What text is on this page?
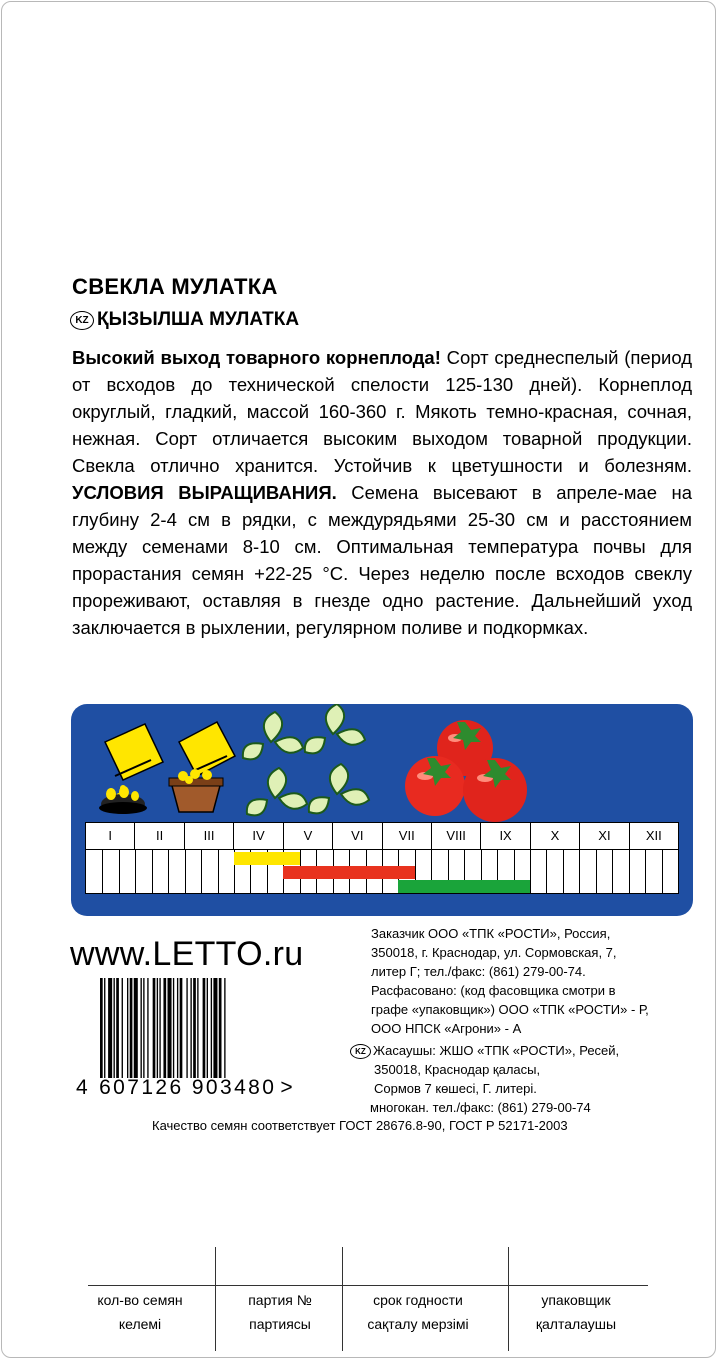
СВЕКЛА МУЛАТКА
KZ ҚЫЗЫЛША МУЛАТКА
Высокий выход товарного корнеплода! Сорт среднеспелый (период от всходов до технической спелости 125-130 дней). Корнеплод округлый, гладкий, массой 160-360 г. Мякоть темно-красная, сочная, нежная. Сорт отличается высоким выходом товарной продукции. Свекла отлично хранится. Устойчив к цветушности и болезням. УСЛОВИЯ ВЫРАЩИВАНИЯ. Семена высевают в апреле-мае на глубину 2-4 см в рядки, с междурядьями 25-30 см и расстоянием между семенами 8-10 см. Оптимальная температура почвы для прорастания семян +22-25 °С. Через неделю после всходов свеклу прореживают, оставляя в гнезде одно растение. Дальнейший уход заключается в рыхлении, регулярном поливе и подкормках.
I	II	III	IV	V	VI	VII	VIII	IX	X	XI	XII
www.LETTO.ru
4 607126 903480 >
Заказчик ООО «ТПК «РОСТИ», Россия,
350018, г. Краснодар, ул. Сормовская, 7,
литер Г; тел./факс: (861) 279-00-74.
Расфасовано: (код фасовщика смотри в
графе «упаковщик») ООО «ТПК «РОСТИ» - Р,
ООО НПСК «Агрони» - А
KZ Жасаушы: ЖШО «ТПК «РОСТИ», Ресей,
350018, Краснодар қаласы,
Сормов 7 көшесі, Г. литері.
многокан. тел./факс: (861) 279-00-74
Качество семян соответствует ГОСТ 28676.8-90, ГОСТ Р 52171-2003
кол-во семян
келемі
партия №
партиясы
срок годности
сақталу мерзімі
упаковщик
қалталаушы
